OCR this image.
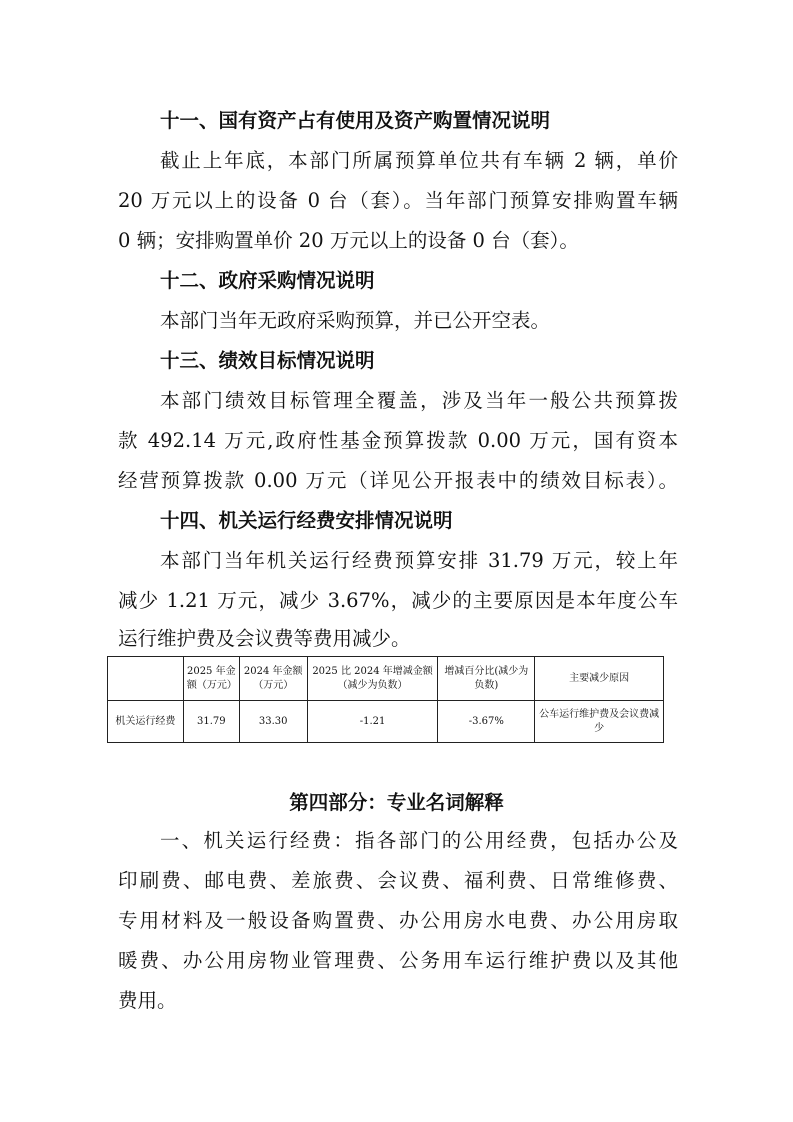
十一、国有资产占有使用及资产购置情况说明
截止上年底，本部门所属预算单位共有车辆 2 辆，单价
20 万元以上的设备 0 台（套）。当年部门预算安排购置车辆
0 辆；安排购置单价 20 万元以上的设备 0 台（套）。
十二、政府采购情况说明
本部门当年无政府采购预算，并已公开空表。
十三、绩效目标情况说明
本部门绩效目标管理全覆盖，涉及当年一般公共预算拨
款 492.14 万元,政府性基金预算拨款 0.00 万元，国有资本
经营预算拨款 0.00 万元（详见公开报表中的绩效目标表）。
十四、机关运行经费安排情况说明
本部门当年机关运行经费预算安排 31.79 万元，较上年
减少 1.21 万元，减少 3.67%，减少的主要原因是本年度公车
运行维护费及会议费等费用减少。
	2025 年金额（万元）	2024 年金额（万元）	2025 比 2024 年增减金额（减少为负数）	增减百分比(减少为负数)	主要减少原因
机关运行经费	31.79	33.30	-1.21	-3.67%	公车运行维护费及会议费减少
第四部分：专业名词解释
一、机关运行经费：指各部门的公用经费，包括办公及
印刷费、邮电费、差旅费、会议费、福利费、日常维修费、
专用材料及一般设备购置费、办公用房水电费、办公用房取
暖费、办公用房物业管理费、公务用车运行维护费以及其他
费用。
